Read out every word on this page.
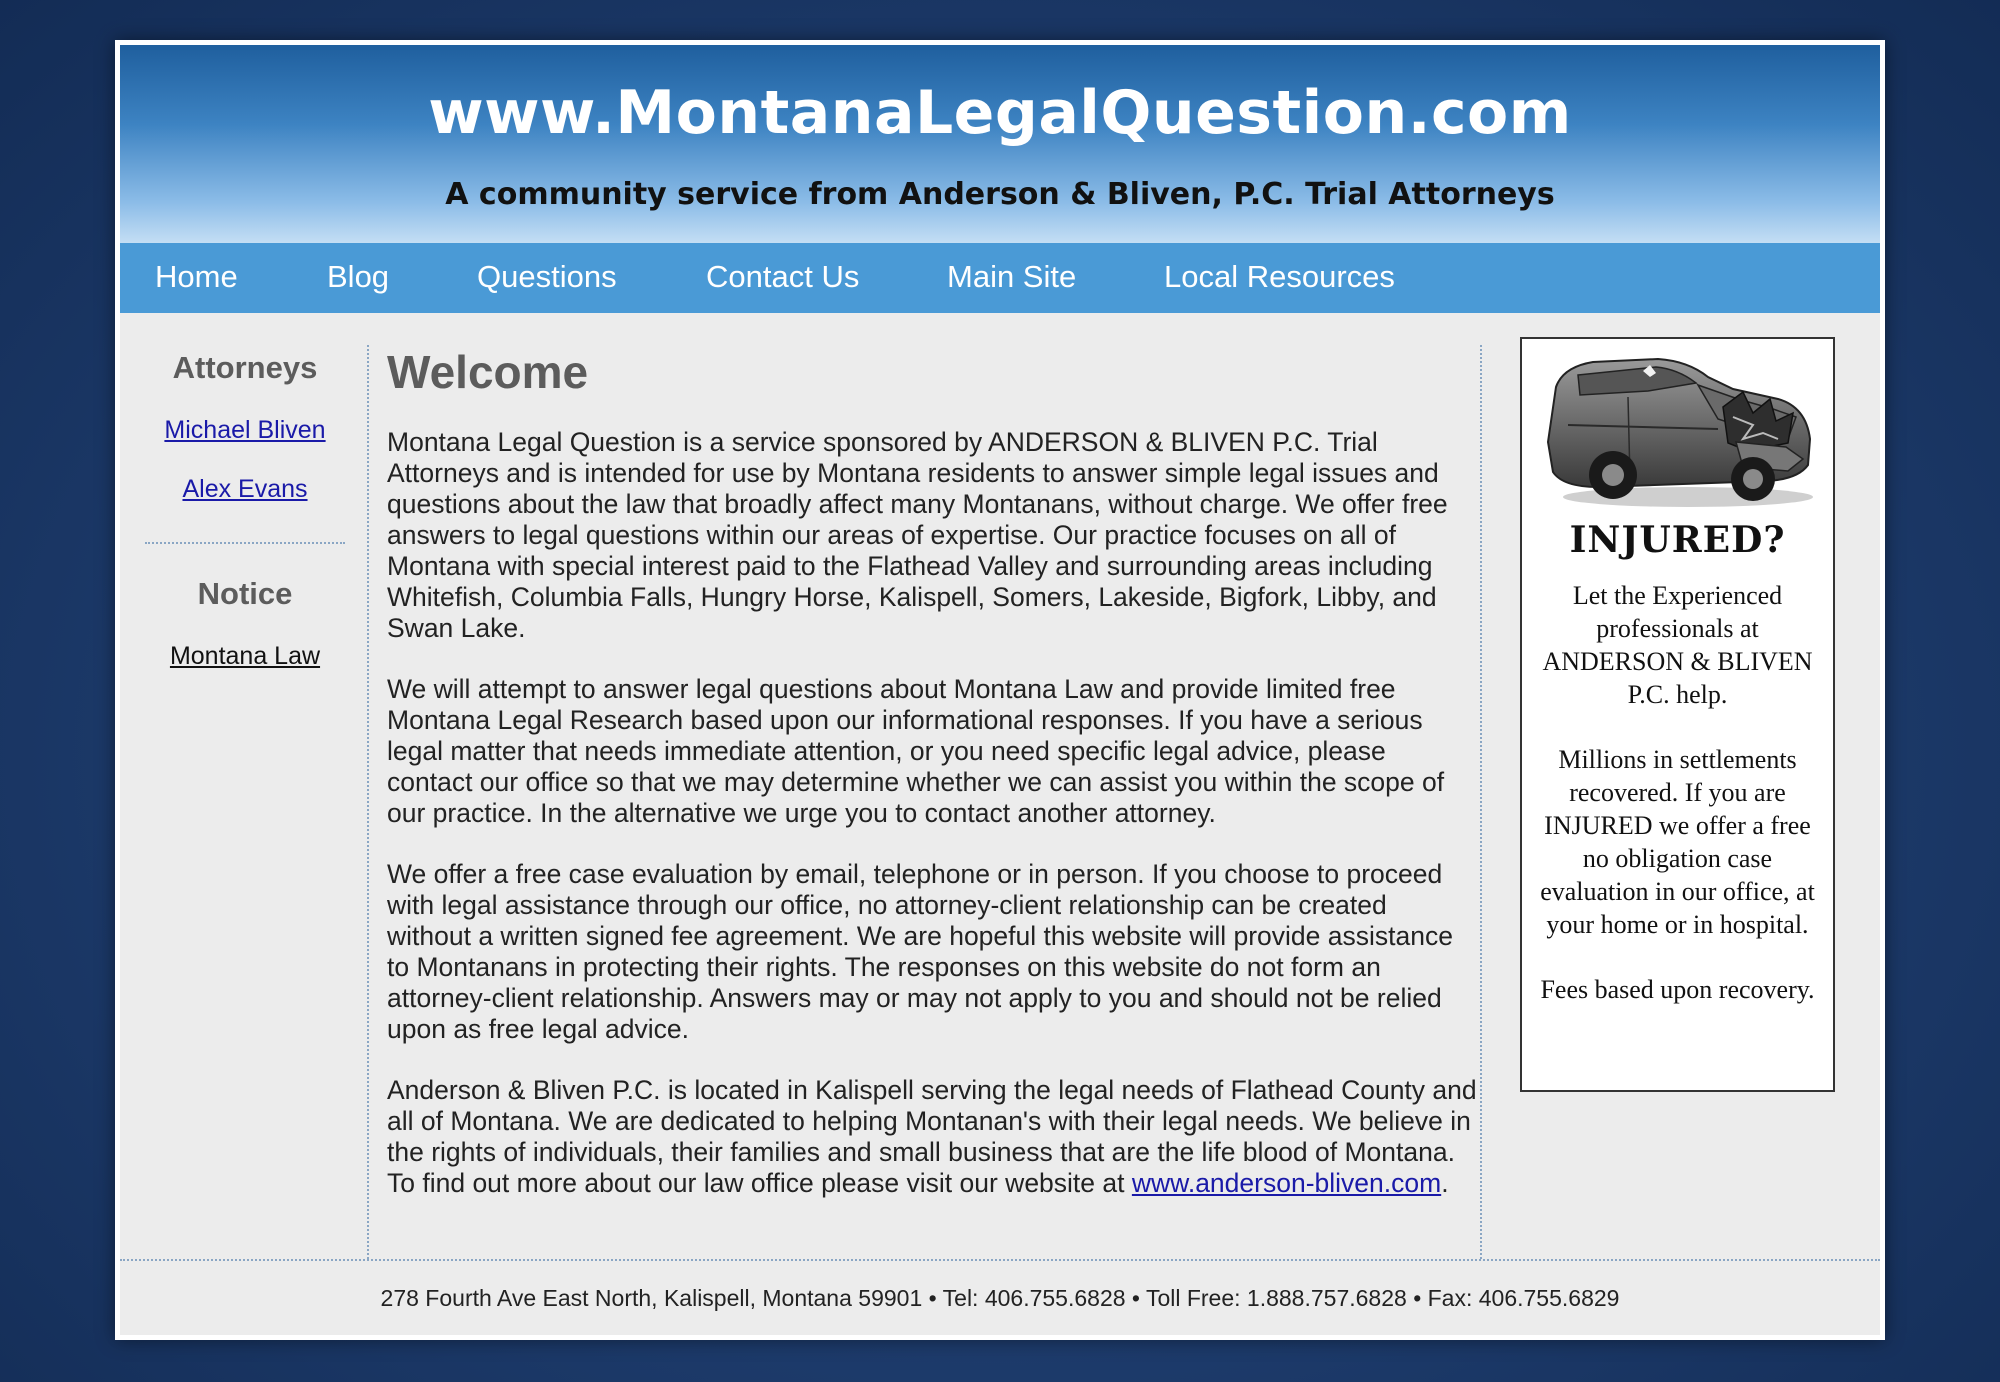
www.MontanaLegalQuestion.com
A community service from Anderson & Bliven, P.C. Trial Attorneys
Home	Blog	Questions	Contact Us	Main Site	Local Resources
Attorneys
Michael Bliven
Alex Evans
Notice
Montana Law
Welcome

Montana Legal Question is a service sponsored by ANDERSON & BLIVEN P.C. Trial Attorneys and is intended for use by Montana residents to answer simple legal issues and questions about the law that broadly affect many Montanans, without charge. We offer free answers to legal questions within our areas of expertise. Our practice focuses on all of Montana with special interest paid to the Flathead Valley and surrounding areas including Whitefish, Columbia Falls, Hungry Horse, Kalispell, Somers, Lakeside, Bigfork, Libby, and Swan Lake.

We will attempt to answer legal questions about Montana Law and provide limited free Montana Legal Research based upon our informational responses. If you have a serious legal matter that needs immediate attention, or you need specific legal advice, please contact our office so that we may determine whether we can assist you within the scope of our practice. In the alternative we urge you to contact another attorney.

We offer a free case evaluation by email, telephone or in person. If you choose to proceed with legal assistance through our office, no attorney-client relationship can be created without a written signed fee agreement. We are hopeful this website will provide assistance to Montanans in protecting their rights. The responses on this website do not form an attorney-client relationship. Answers may or may not apply to you and should not be relied upon as free legal advice.

Anderson & Bliven P.C. is located in Kalispell serving the legal needs of Flathead County and all of Montana. We are dedicated to helping Montanan's with their legal needs. We believe in the rights of individuals, their families and small business that are the life blood of Montana. To find out more about our law office please visit our website at www.anderson-bliven.com.

INJURED?
Let the Experienced professionals at ANDERSON & BLIVEN P.C. help.
Millions in settlements recovered. If you are INJURED we offer a free no obligation case evaluation in our office, at your home or in hospital.
Fees based upon recovery.
278 Fourth Ave East North, Kalispell, Montana 59901 • Tel: 406.755.6828 • Toll Free: 1.888.757.6828 • Fax: 406.755.6829
